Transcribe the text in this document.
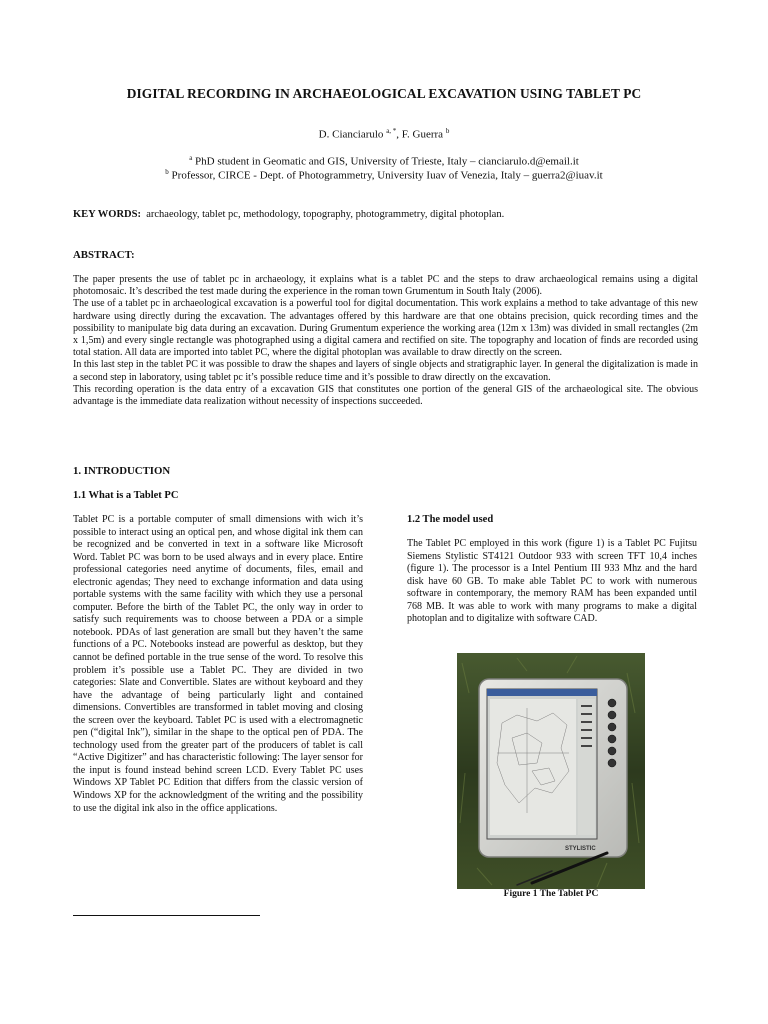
DIGITAL RECORDING IN ARCHAEOLOGICAL EXCAVATION USING TABLET PC
D. Cianciarulo $^{a, *}$, F. Guerra $^b$
$^a$ PhD student in Geomatic and GIS, University of Trieste, Italy – cianciarulo.d@email.it
$^b$ Professor, CIRCE - Dept. of Photogrammetry, University Iuav of Venezia, Italy – guerra2@iuav.it
KEY WORDS: archaeology, tablet pc, methodology, topography, photogrammetry, digital photoplan.
ABSTRACT:

The paper presents the use of tablet pc in archaeology, it explains what is a tablet PC and the steps to draw archaeological remains using a digital photomosaic. It’s described the test made during the experience in the roman town Grumentum in South Italy (2006).

The use of a tablet pc in archaeological excavation is a powerful tool for digital documentation. This work explains a method to take advantage of this new hardware using directly during the excavation. The advantages offered by this hardware are that one obtains precision, quick recording times and the possibility to manipulate big data during an excavation. During Grumentum experience the working area (12m x 13m) was divided in small rectangles (2m x 1,5m) and every single rectangle was photographed using a digital camera and rectified on site. The topography and location of finds are recorded using total station. All data are imported into tablet PC, where the digital photoplan was available to draw directly on the screen.

In this last step in the tablet PC it was possible to draw the shapes and layers of single objects and stratigraphic layer. In general the digitalization is made in a second step in laboratory, using tablet pc it’s possible reduce time and it’s possible to draw directly on the excavation.

This recording operation is the data entry of a excavation GIS that constitutes one portion of the general GIS of the archaeological site. The obvious advantage is the immediate data realization without necessity of inspections succeeded.

1. INTRODUCTION
1.1 What is a Tablet PC

Tablet PC is a portable computer of small dimensions with wich it’s possible to interact using an optical pen, and whose digital ink them can be recognized and be converted in text in a software like Microsoft Word. Tablet PC was born to be used always and in every place. Entire professional categories need anytime of documents, files, email and electronic agendas; They need to exchange information and data using portable systems with the same facility with which they use a personal computer. Before the birth of the Tablet PC, the only way in order to satisfy such requirements was to choose between a PDA or a simple notebook. PDAs of last generation are small but they haven’t the same functions of a PC. Notebooks instead are powerful as desktop, but they cannot be defined portable in the true sense of the word. To resolve this problem it’s possible use a Tablet PC. They are divided in two categories: Slate and Convertible. Slates are without keyboard and they have the advantage of being particularly light and contained dimensions. Convertibles are transformed in tablet moving and closing the screen over the keyboard. Tablet PC is used with a electromagnetic pen (“digital Ink”), similar in the shape to the optical pen of PDA. The technology used from the greater part of the producers of tablet is call “Active Digitizer” and has characteristic following: The layer sensor for the input is found instead behind screen LCD. Every Tablet PC uses Windows XP Tablet PC Edition that differs from the classic version of Windows XP for the acknowledgment of the writing and the possibility to use the digital ink also in the office applications.

1.2 The model used

The Tablet PC employed in this work (figure 1) is a Tablet PC Fujitsu Siemens Stylistic ST4121 Outdoor 933 with screen TFT 10,4 inches (figure 1). The processor is a Intel Pentium III 933 Mhz and the hard disk have 60 GB. To make able Tablet PC to work with numerous software in contemporary, the memory RAM has been expanded until 768 MB. It was able to work with many programs to make a digital photoplan and to digitalize with software CAD.

STYLISTIC
Figure 1 The Tablet PC
